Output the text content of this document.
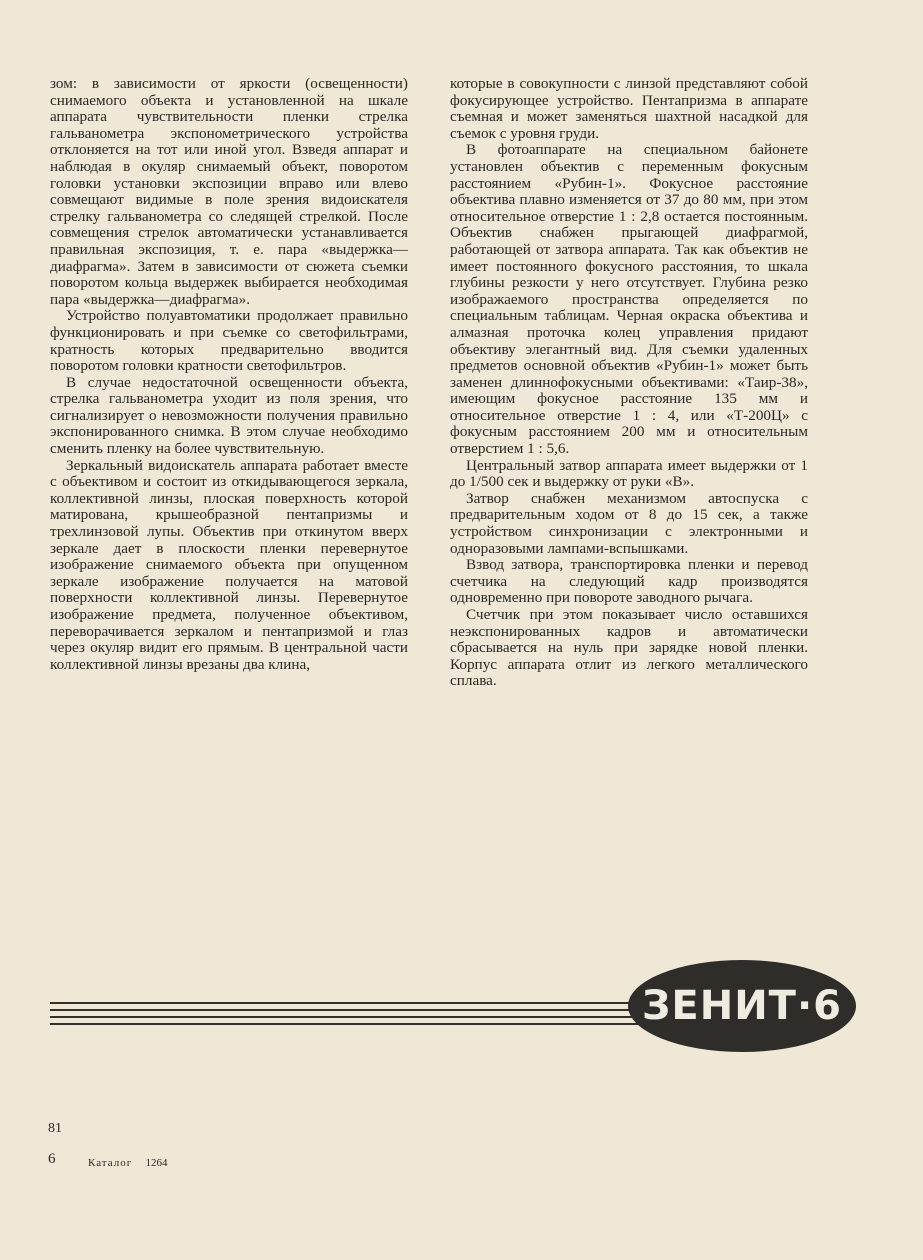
зом: в зависимости от яркости (освещенности) снимаемого объекта и установленной на шкале аппарата чувствительности пленки стрелка гальванометра экспонометрического устройства отклоняется на тот или иной угол. Взведя аппарат и наблюдая в окуляр снимаемый объект, поворотом головки установки экспозиции вправо или влево совмещают видимые в поле зрения видоискателя стрелку гальванометра со следящей стрелкой. После совмещения стрелок автоматически устанавливается правильная экспозиция, т. е. пара «выдержка—диафрагма». Затем в зависимости от сюжета съемки поворотом кольца выдержек выбирается необходимая пара «выдержка—диафрагма».

Устройство полуавтоматики продолжает правильно функционировать и при съемке со светофильтрами, кратность которых предварительно вводится поворотом головки кратности светофильтров.

В случае недостаточной освещенности объекта, стрелка гальванометра уходит из поля зрения, что сигнализирует о невозможности получения правильно экспонированного снимка. В этом случае необходимо сменить пленку на более чувствительную.

Зеркальный видоискатель аппарата работает вместе с объективом и состоит из откидывающегося зеркала, коллективной линзы, плоская поверхность которой матирована, крышеобразной пентапризмы и трехлинзовой лупы. Объектив при откинутом вверх зеркале дает в плоскости пленки перевернутое изображение снимаемого объекта при опущенном зеркале изображение получается на матовой поверхности коллективной линзы. Перевернутое изображение предмета, полученное объективом, переворачивается зеркалом и пентапризмой и глаз через окуляр видит его прямым. В центральной части коллективной линзы врезаны два клина,

которые в совокупности с линзой представляют собой фокусирующее устройство. Пентапризма в аппарате съемная и может заменяться шахтной насадкой для съемок с уровня груди.

В фотоаппарате на специальном байонете установлен объектив с переменным фокусным расстоянием «Рубин-1». Фокусное расстояние объектива плавно изменяется от 37 до 80 мм, при этом относительное отверстие 1 : 2,8 остается постоянным. Объектив снабжен прыгающей диафрагмой, работающей от затвора аппарата. Так как объектив не имеет постоянного фокусного расстояния, то шкала глубины резкости у него отсутствует. Глубина резко изображаемого пространства определяется по специальным таблицам. Черная окраска объектива и алмазная проточка колец управления придают объективу элегантный вид. Для съемки удаленных предметов основной объектив «Рубин-1» может быть заменен длиннофокусными объективами: «Таир-38», имеющим фокусное расстояние 135 мм и относительное отверстие 1 : 4, или «Т-200Ц» с фокусным расстоянием 200 мм и относительным отверстием 1 : 5,6.

Центральный затвор аппарата имеет выдержки от 1 до 1/500 сек и выдержку от руки «В».

Затвор снабжен механизмом автоспуска с предварительным ходом от 8 до 15 сек, а также устройством синхронизации с электронными и одноразовыми лампами-вспышками.

Взвод затвора, транспортировка пленки и перевод счетчика на следующий кадр производятся одновременно при повороте заводного рычага.

Счетчик при этом показывает число оставшихся неэкспонированных кадров и автоматически сбрасывается на нуль при зарядке новой пленки. Корпус аппарата отлит из легкого металлического сплава.

ЗЕНИТ·6
81
6	Каталог 1264
